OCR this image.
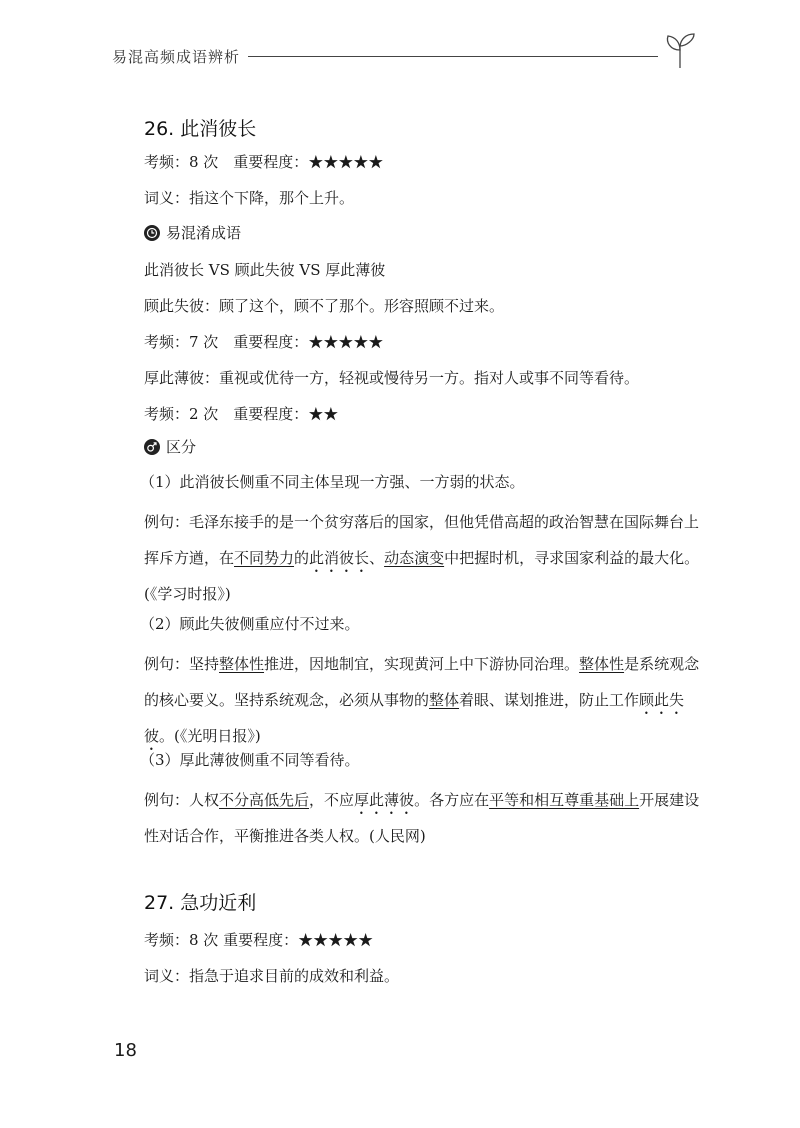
易混高频成语辨析
26. 此消彼长
考频：8 次　重要程度：★★★★★
词义：指这个下降，那个上升。
易混淆成语
此消彼长 VS 顾此失彼 VS 厚此薄彼
顾此失彼：顾了这个，顾不了那个。形容照顾不过来。
考频：7 次　重要程度：★★★★★
厚此薄彼：重视或优待一方，轻视或慢待另一方。指对人或事不同等看待。
考频：2 次　重要程度：★★
区分
（1）此消彼长侧重不同主体呈现一方强、一方弱的状态。
例句：毛泽东接手的是一个贫穷落后的国家，但他凭借高超的政治智慧在国际舞台上挥斥方遒，在不同势力的此消彼长、动态演变中把握时机，寻求国家利益的最大化。(《学习时报》)
（2）顾此失彼侧重应付不过来。
例句：坚持整体性推进，因地制宜，实现黄河上中下游协同治理。整体性是系统观念的核心要义。坚持系统观念，必须从事物的整体着眼、谋划推进，防止工作顾此失彼。(《光明日报》)
（3）厚此薄彼侧重不同等看待。
例句：人权不分高低先后，不应厚此薄彼。各方应在平等和相互尊重基础上开展建设性对话合作，平衡推进各类人权。(人民网)
27. 急功近利
考频：8 次 重要程度：★★★★★
词义：指急于追求目前的成效和利益。
18
